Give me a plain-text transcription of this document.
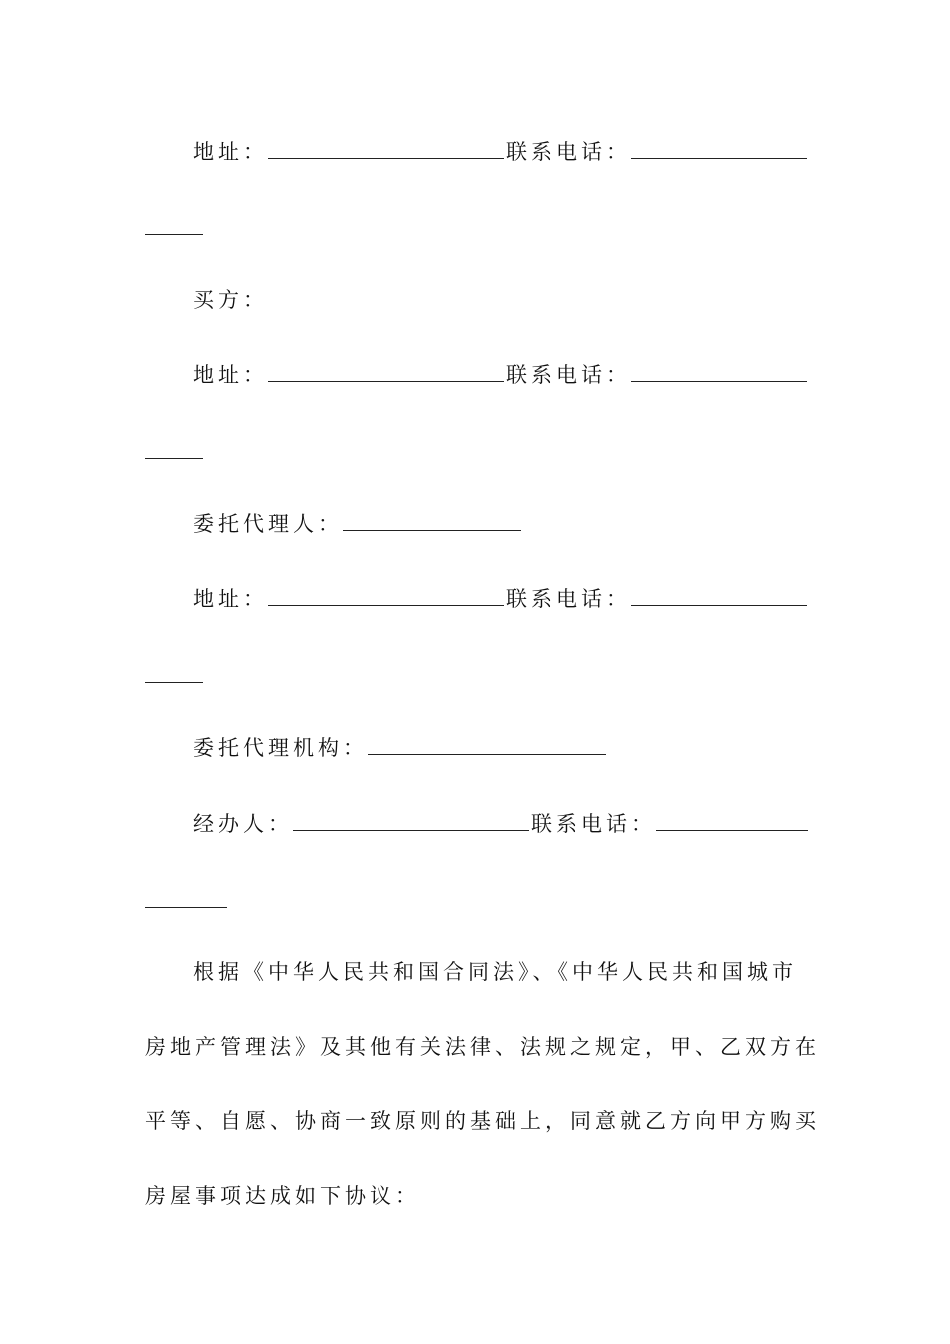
地址：	联系电话：
买方：
地址：	联系电话：
委托代理人：
地址：	联系电话：
委托代理机构：
经办人：	联系电话：
根据《中华人民共和国合同法》、《中华人民共和国城市
房地产管理法》及其他有关法律、法规之规定，甲、乙双方在
平等、自愿、协商一致原则的基础上，同意就乙方向甲方购买
房屋事项达成如下协议：
